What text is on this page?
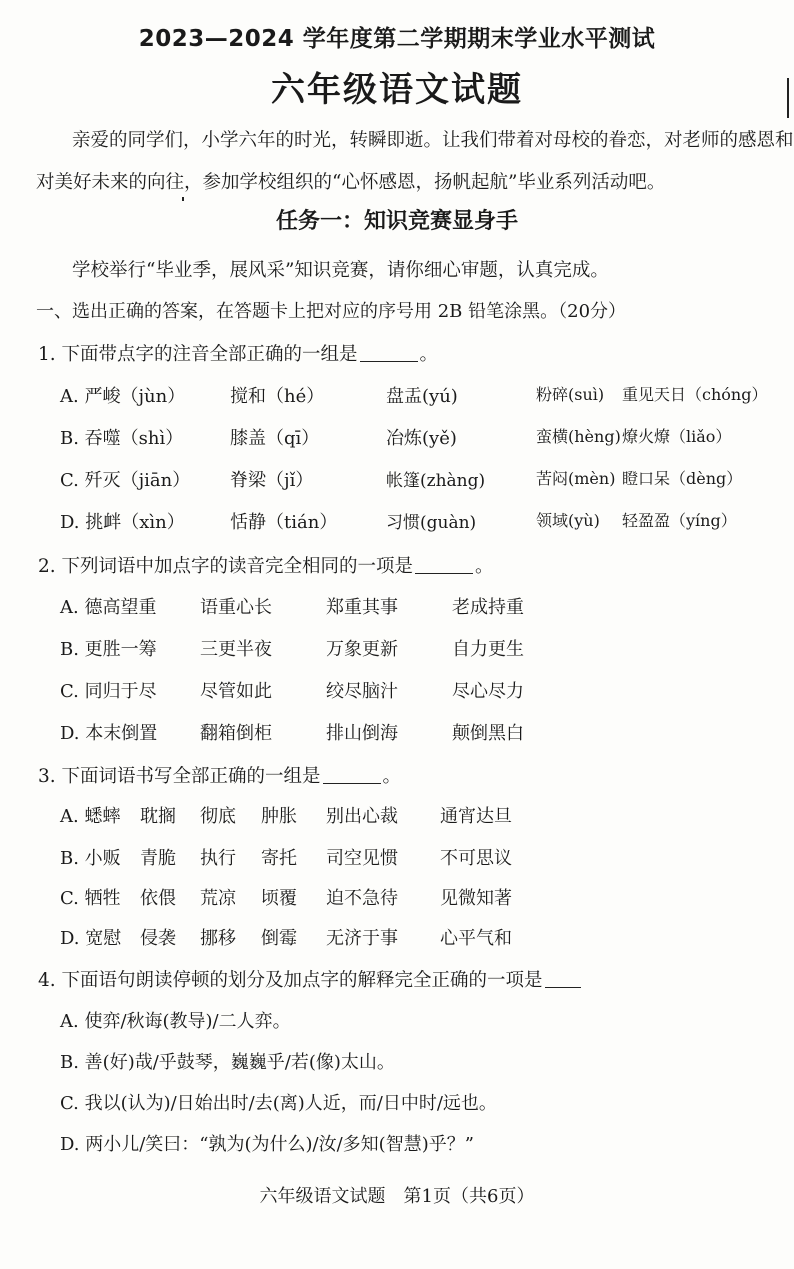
2023—2024 学年度第二学期期末学业水平测试
六年级语文试题
亲爱的同学们，小学六年的时光，转瞬即逝。让我们带着对母校的眷恋，对老师的感恩和
对美好未来的向往，参加学校组织的“心怀感恩，扬帆起航”毕业系列活动吧。
任务一：知识竞赛显身手
学校举行“毕业季，展风采”知识竞赛，请你细心审题，认真完成。
一、选出正确的答案，在答题卡上把对应的序号用 2B 铅笔涂黑。（20分）
1. 下面带点字的注音全部正确的一组是	。
A. 严峻（jùn） 搅和（hé）	盘盂(yú)	粉碎(suì) 重见天日（chóng）
B. 吞噬（shì）	膝盖（qī）	冶炼(yě)	蛮横(hèng) 燎火燎（liǎo）
C. 歼灭（jiān） 脊梁（jǐ）	帐篷(zhàng)	苦闷(mèn) 瞪口呆（dèng）
D. 挑衅（xìn）	恬静（tián）	习惯(guàn)	领域(yù) 轻盈盈（yíng）
2. 下列词语中加点字的读音完全相同的一项是	。
A. 德高望重 语重心长	郑重其事	老成持重
B. 更胜一筹 三更半夜	万象更新	自力更生
C. 同归于尽 尽管如此	绞尽脑汁	尽心尽力
D. 本末倒置 翻箱倒柜	排山倒海	颠倒黑白
3. 下面词语书写全部正确的一组是	。
A. 蟋蟀 耽搁 彻底 肿胀 别出心裁 通宵达旦
B. 小贩 青脆 执行 寄托 司空见惯 不可思议
C. 牺牲 依偎 荒凉 顷覆 迫不急待 见微知著
D. 宽慰 侵袭 挪移 倒霉 无济于事 心平气和
4. 下面语句朗读停顿的划分及加点字的解释完全正确的一项是
A. 使弈/秋诲(教导)/二人弈。
B. 善(好)哉/乎鼓琴，巍巍乎/若(像)太山。
C. 我以(认为)/日始出时/去(离)人近，而/日中时/远也。
D. 两小儿/笑曰：“孰为(为什么)/汝/多知(智慧)乎？”
六年级语文试题　第1页（共6页）
